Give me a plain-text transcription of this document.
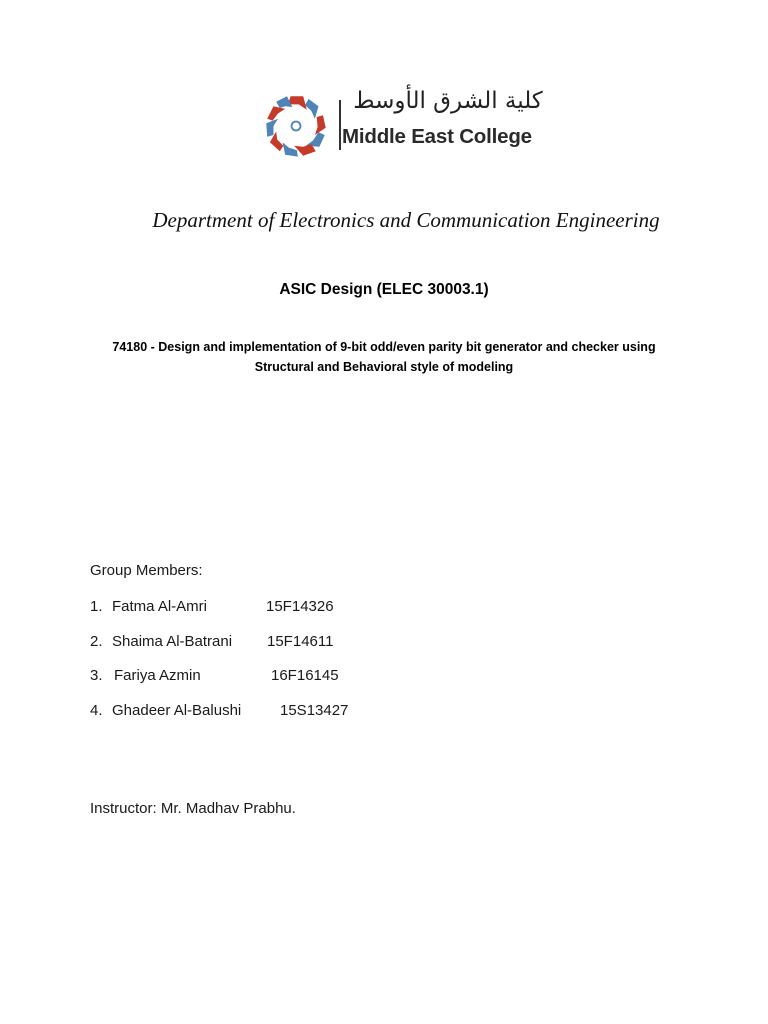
كلية الشرق الأوسط
Middle East College
Department of Electronics and Communication Engineering
ASIC Design (ELEC 30003.1)
74180 - Design and implementation of 9-bit odd/even parity bit generator and checker using
Structural and Behavioral style of modeling
Group Members:
1. Fatma Al-Amri	15F14326
2. Shaima Al-Batrani 15F14611
3. Fariya Azmin	16F16145
4. Ghadeer Al-Balushi	15S13427
Instructor: Mr. Madhav Prabhu.
